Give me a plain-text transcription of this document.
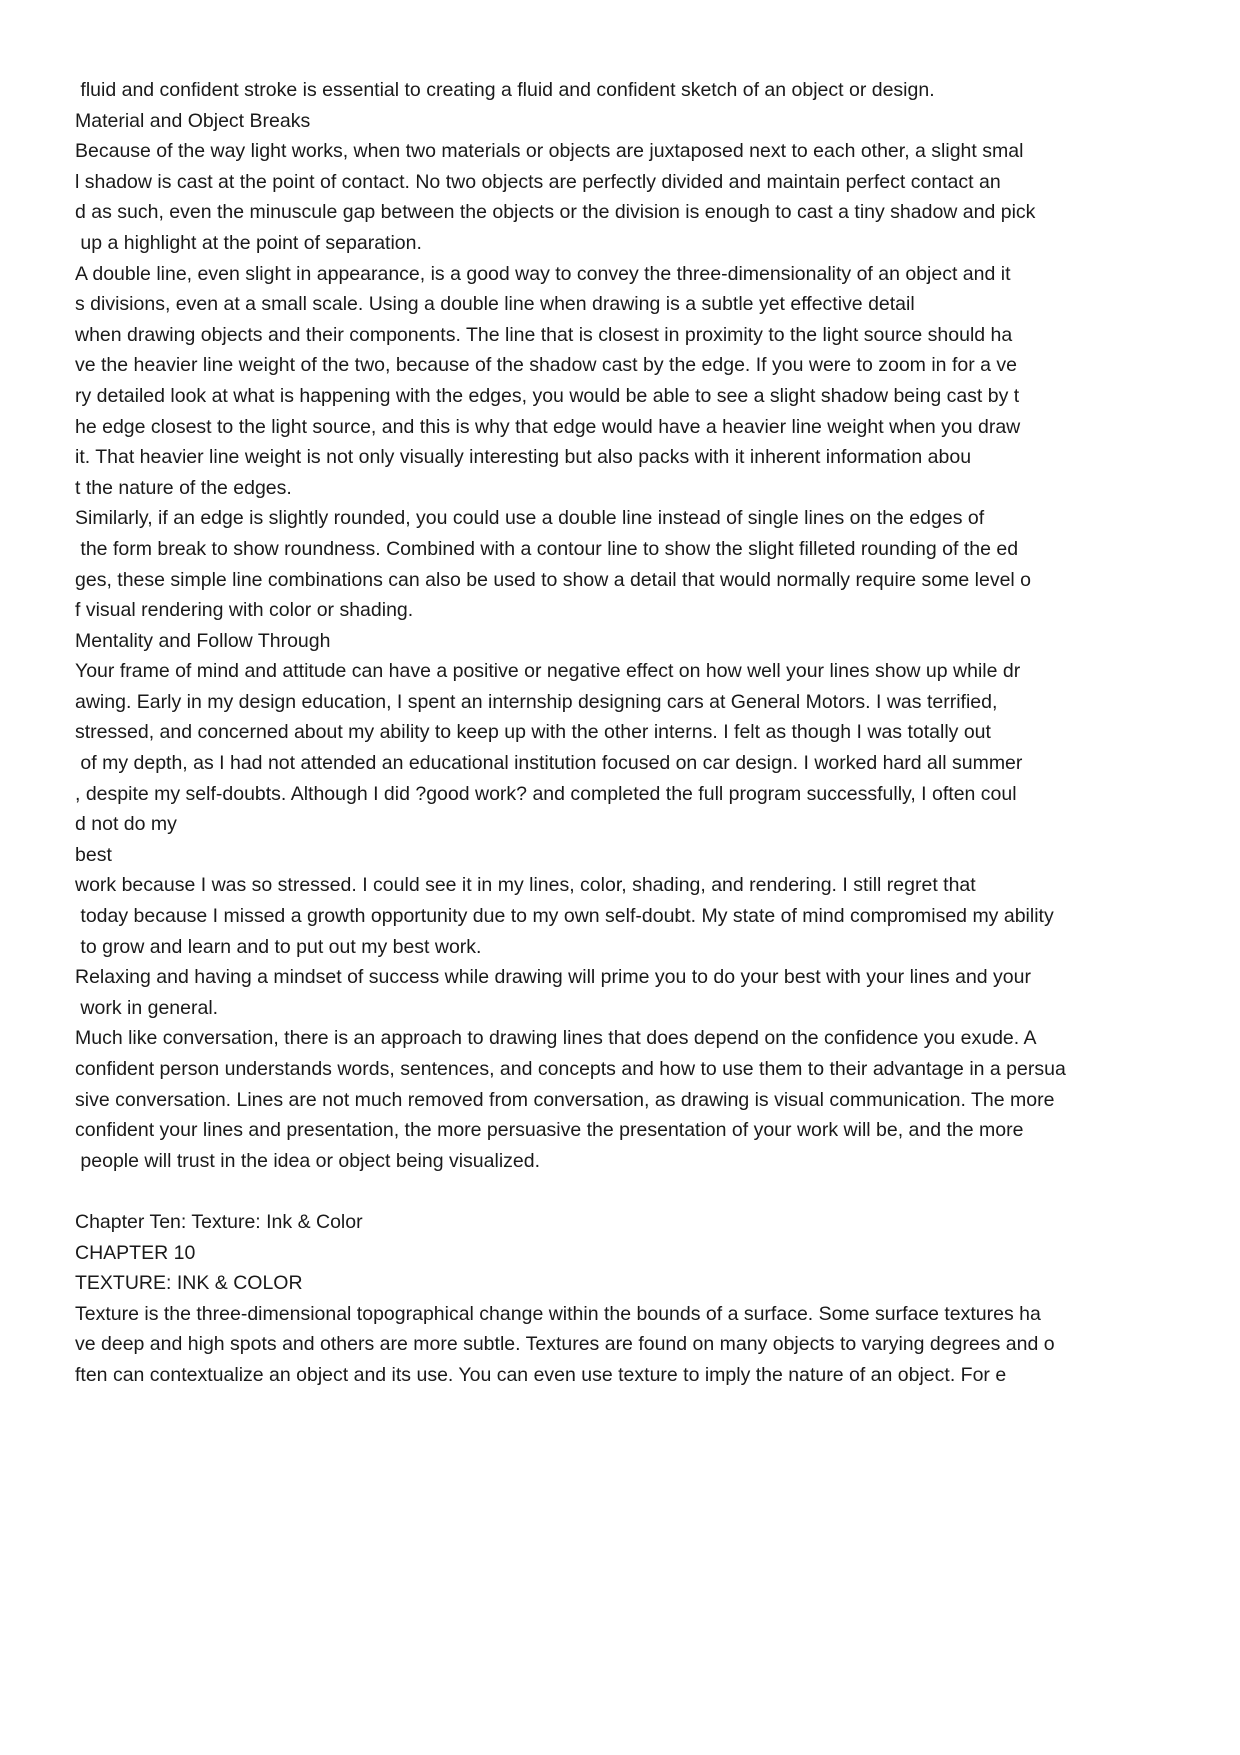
fluid and confident stroke is essential to creating a fluid and confident sketch of an object or design.
Material and Object Breaks
Because of the way light works, when two materials or objects are juxtaposed next to each other, a slight smal
l shadow is cast at the point of contact. No two objects are perfectly divided and maintain perfect contact an
d as such, even the minuscule gap between the objects or the division is enough to cast a tiny shadow and pick
up a highlight at the point of separation.
A double line, even slight in appearance, is a good way to convey the three-dimensionality of an object and it
s divisions, even at a small scale. Using a double line when drawing is a subtle yet effective detail
when drawing objects and their components. The line that is closest in proximity to the light source should ha
ve the heavier line weight of the two, because of the shadow cast by the edge. If you were to zoom in for a ve
ry detailed look at what is happening with the edges, you would be able to see a slight shadow being cast by t
he edge closest to the light source, and this is why that edge would have a heavier line weight when you draw
it. That heavier line weight is not only visually interesting but also packs with it inherent information abou
t the nature of the edges.
Similarly, if an edge is slightly rounded, you could use a double line instead of single lines on the edges of
the form break to show roundness. Combined with a contour line to show the slight filleted rounding of the ed
ges, these simple line combinations can also be used to show a detail that would normally require some level o
f visual rendering with color or shading.
Mentality and Follow Through
Your frame of mind and attitude can have a positive or negative effect on how well your lines show up while dr
awing. Early in my design education, I spent an internship designing cars at General Motors. I was terrified,
stressed, and concerned about my ability to keep up with the other interns. I felt as though I was totally out
of my depth, as I had not attended an educational institution focused on car design. I worked hard all summer
, despite my self-doubts. Although I did ?good work? and completed the full program successfully, I often coul
d not do my
best
work because I was so stressed. I could see it in my lines, color, shading, and rendering. I still regret that
today because I missed a growth opportunity due to my own self-doubt. My state of mind compromised my ability
to grow and learn and to put out my best work.
Relaxing and having a mindset of success while drawing will prime you to do your best with your lines and your
work in general.
Much like conversation, there is an approach to drawing lines that does depend on the confidence you exude. A
confident person understands words, sentences, and concepts and how to use them to their advantage in a persua
sive conversation. Lines are not much removed from conversation, as drawing is visual communication. The more
confident your lines and presentation, the more persuasive the presentation of your work will be, and the more
people will trust in the idea or object being visualized.
Chapter Ten: Texture: Ink & Color
CHAPTER 10
TEXTURE: INK & COLOR
Texture is the three-dimensional topographical change within the bounds of a surface. Some surface textures ha
ve deep and high spots and others are more subtle. Textures are found on many objects to varying degrees and o
ften can contextualize an object and its use. You can even use texture to imply the nature of an object. For e
